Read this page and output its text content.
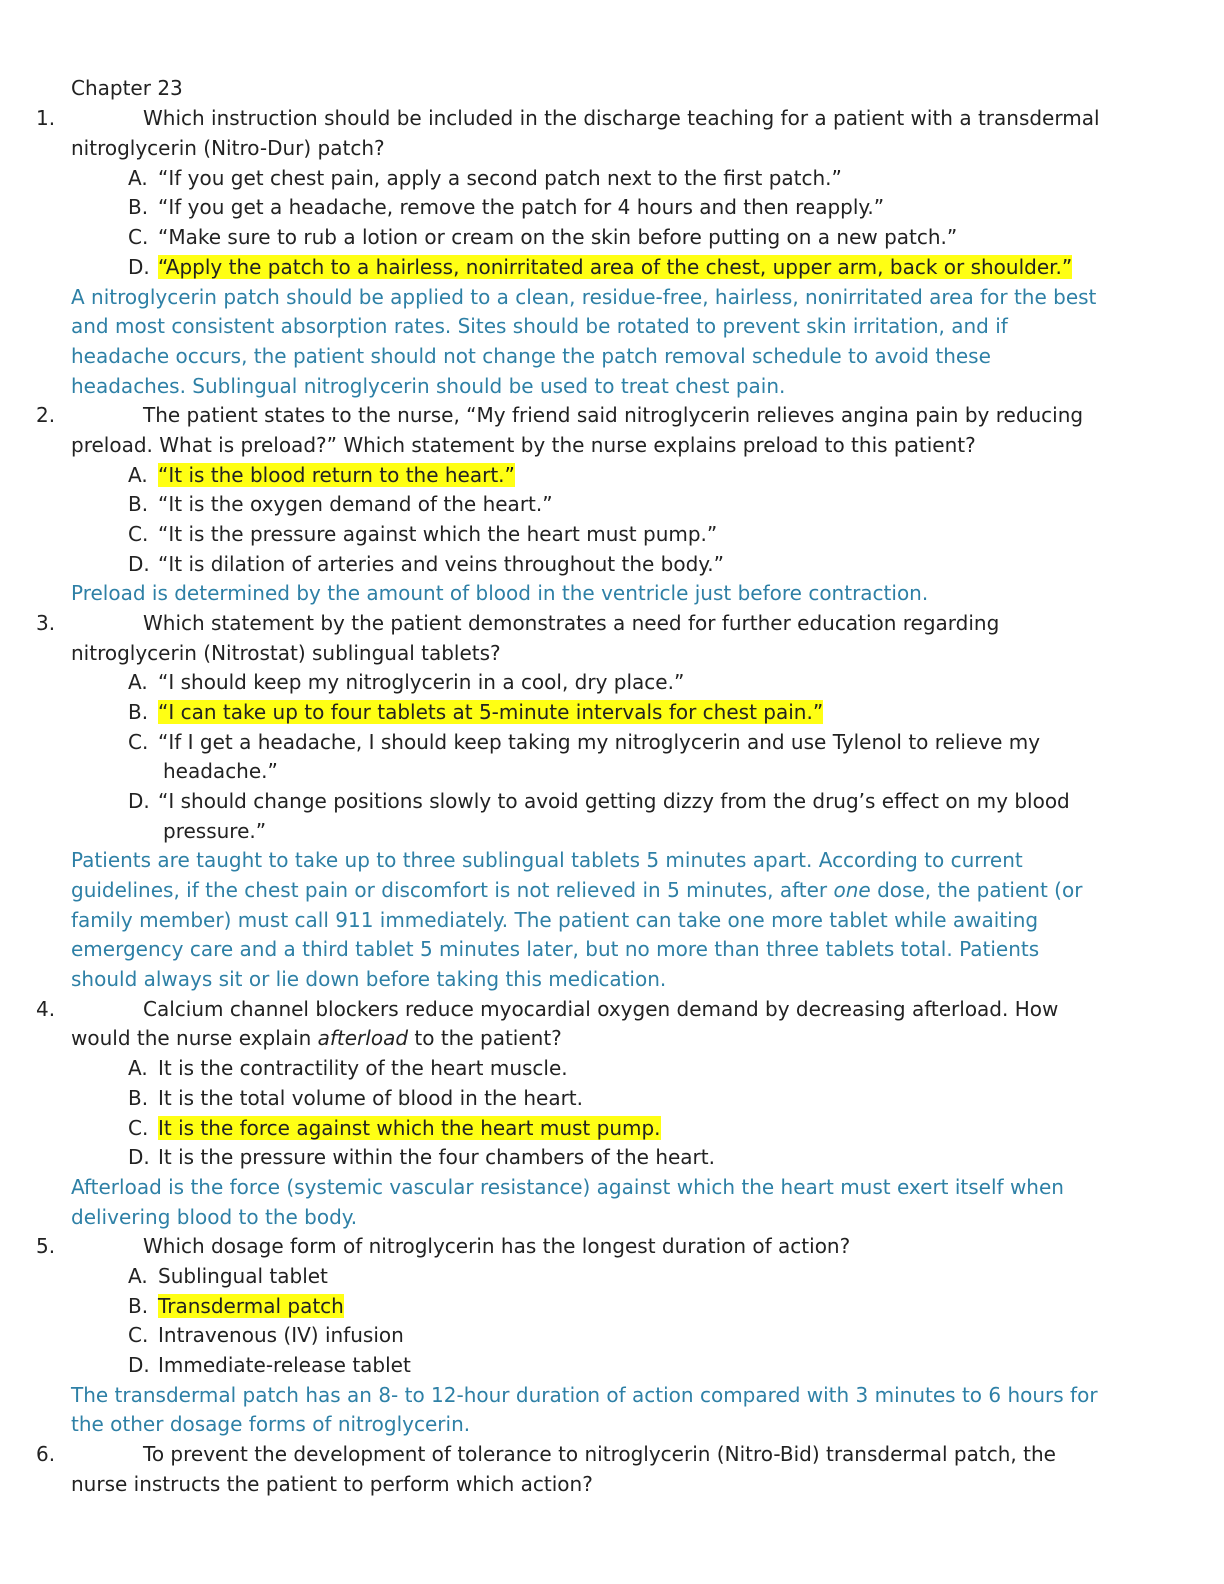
Chapter 23
1.	Which instruction should be included in the discharge teaching for a patient with a transdermal
nitroglycerin (Nitro-Dur) patch?
A. “If you get chest pain, apply a second patch next to the first patch.”
B. “If you get a headache, remove the patch for 4 hours and then reapply.”
C. “Make sure to rub a lotion or cream on the skin before putting on a new patch.”
D. “Apply the patch to a hairless, nonirritated area of the chest, upper arm, back or shoulder.”
A nitroglycerin patch should be applied to a clean, residue-free, hairless, nonirritated area for the best
and most consistent absorption rates. Sites should be rotated to prevent skin irritation, and if
headache occurs, the patient should not change the patch removal schedule to avoid these
headaches. Sublingual nitroglycerin should be used to treat chest pain.
2.	The patient states to the nurse, “My friend said nitroglycerin relieves angina pain by reducing
preload. What is preload?” Which statement by the nurse explains preload to this patient?
A. “It is the blood return to the heart.”
B. “It is the oxygen demand of the heart.”
C. “It is the pressure against which the heart must pump.”
D. “It is dilation of arteries and veins throughout the body.”
Preload is determined by the amount of blood in the ventricle just before contraction.
3.	Which statement by the patient demonstrates a need for further education regarding
nitroglycerin (Nitrostat) sublingual tablets?
A. “I should keep my nitroglycerin in a cool, dry place.”
B. “I can take up to four tablets at 5-minute intervals for chest pain.”
C. “If I get a headache, I should keep taking my nitroglycerin and use Tylenol to relieve my
headache.”
D. “I should change positions slowly to avoid getting dizzy from the drug’s effect on my blood
pressure.”
Patients are taught to take up to three sublingual tablets 5 minutes apart. According to current
guidelines, if the chest pain or discomfort is not relieved in 5 minutes, after one dose, the patient (or
family member) must call 911 immediately. The patient can take one more tablet while awaiting
emergency care and a third tablet 5 minutes later, but no more than three tablets total. Patients
should always sit or lie down before taking this medication.
4.	Calcium channel blockers reduce myocardial oxygen demand by decreasing afterload. How
would the nurse explain afterload to the patient?
A. It is the contractility of the heart muscle.
B. It is the total volume of blood in the heart.
C. It is the force against which the heart must pump.
D. It is the pressure within the four chambers of the heart.
Afterload is the force (systemic vascular resistance) against which the heart must exert itself when
delivering blood to the body.
5.	Which dosage form of nitroglycerin has the longest duration of action?
A. Sublingual tablet
B. Transdermal patch
C. Intravenous (IV) infusion
D. Immediate-release tablet
The transdermal patch has an 8- to 12-hour duration of action compared with 3 minutes to 6 hours for
the other dosage forms of nitroglycerin.
6.	To prevent the development of tolerance to nitroglycerin (Nitro-Bid) transdermal patch, the
nurse instructs the patient to perform which action?
